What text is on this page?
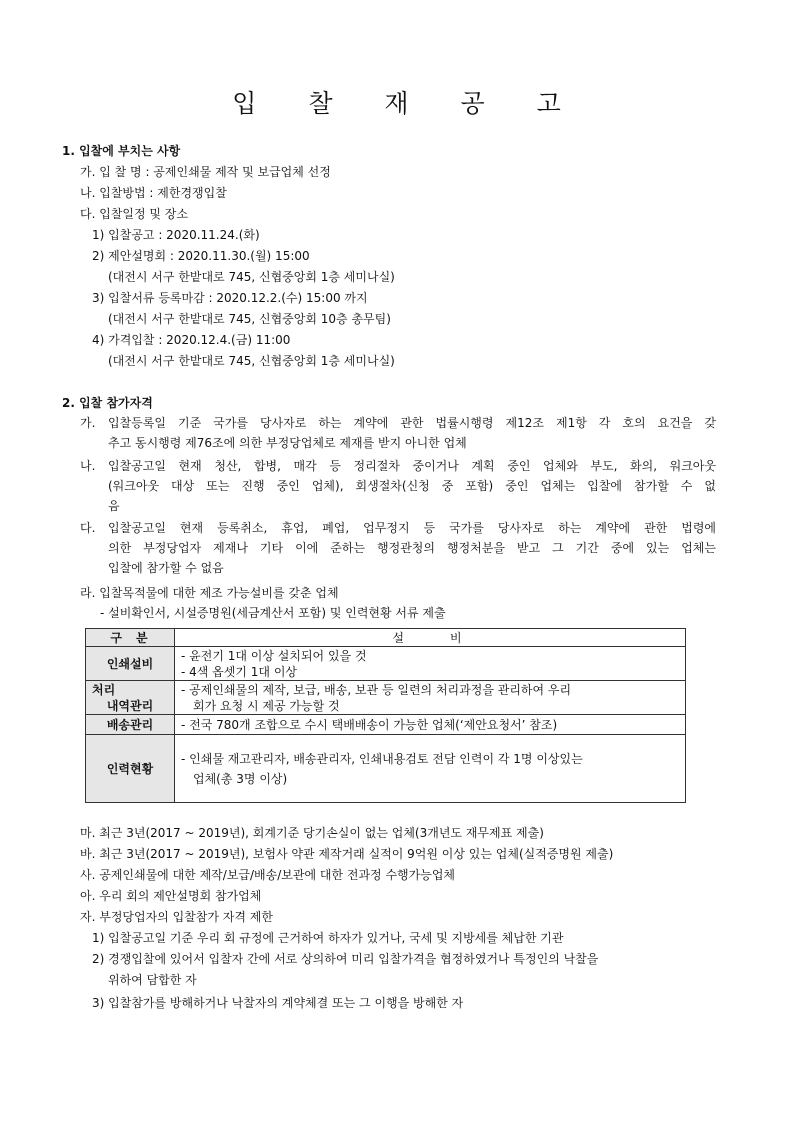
입 찰 재 공 고
1. 입찰에 부치는 사항
가. 입 찰 명 : 공제인쇄물 제작 및 보급업체 선정
나. 입찰방법 : 제한경쟁입찰
다. 입찰일정 및 장소
1) 입찰공고 : 2020.11.24.(화)
2) 제안설명회 : 2020.11.30.(월) 15:00
(대전시 서구 한밭대로 745, 신협중앙회 1층 세미나실)
3) 입찰서류 등록마감 : 2020.12.2.(수) 15:00 까지
(대전시 서구 한밭대로 745, 신협중앙회 10층 총무팀)
4) 가격입찰 : 2020.12.4.(금) 11:00
(대전시 서구 한밭대로 745, 신협중앙회 1층 세미나실)
2. 입찰 참가자격
가. 입찰등록일 기준 국가를 당사자로 하는 계약에 관한 법률시행령 제12조 제1항 각 호의 요건을 갖
추고 동시행령 제76조에 의한 부정당업체로 제재를 받지 아니한 업체
나. 입찰공고일 현재 청산, 합병, 매각 등 정리절차 중이거나 계획 중인 업체와 부도, 화의, 워크아웃
(워크아웃 대상 또는 진행 중인 업체), 회생절차(신청 중 포함) 중인 업체는 입찰에 참가할 수 없
음
다. 입찰공고일 현재 등록취소, 휴업, 폐업, 업무정지 등 국가를 당사자로 하는 계약에 관한 법령에
의한 부정당업자 제재나 기타 이에 준하는 행정관청의 행정처분을 받고 그 기간 중에 있는 업체는
입찰에 참가할 수 없음
라. 입찰목적물에 대한 제조 가능설비를 갖춘 업체
- 설비확인서, 시설증명원(세금계산서 포함) 및 인력현황 서류 제출
구분	설비
인쇄설비	- 윤전기 1대 이상 설치되어 있을 것
- 4색 옵셋기 1대 이상

처리
내역관리	- 공제인쇄물의 제작, 보급, 배송, 보관 등 일련의 처리과정을 관리하여 우리
회가 요청 시 제공 가능할 것

배송관리	- 전국 780개 조합으로 수시 택배배송이 가능한 업체(‘제안요청서’ 참조)

인력현황	- 인쇄물 재고관리자, 배송관리자, 인쇄내용검토 전담 인력이 각 1명 이상있는
업체(총 3명 이상)
마. 최근 3년(2017 ~ 2019년), 회계기준 당기손실이 없는 업체(3개년도 재무제표 제출)
바. 최근 3년(2017 ~ 2019년), 보험사 약관 제작거래 실적이 9억원 이상 있는 업체(실적증명원 제출)
사. 공제인쇄물에 대한 제작/보급/배송/보관에 대한 전과정 수행가능업체
아. 우리 회의 제안설명회 참가업체
자. 부정당업자의 입찰참가 자격 제한
1) 입찰공고일 기준 우리 회 규정에 근거하여 하자가 있거나, 국세 및 지방세를 체납한 기관
2) 경쟁입찰에 있어서 입찰자 간에 서로 상의하여 미리 입찰가격을 협정하였거나 특정인의 낙찰을
위하여 담합한 자
3) 입찰참가를 방해하거나 낙찰자의 계약체결 또는 그 이행을 방해한 자
